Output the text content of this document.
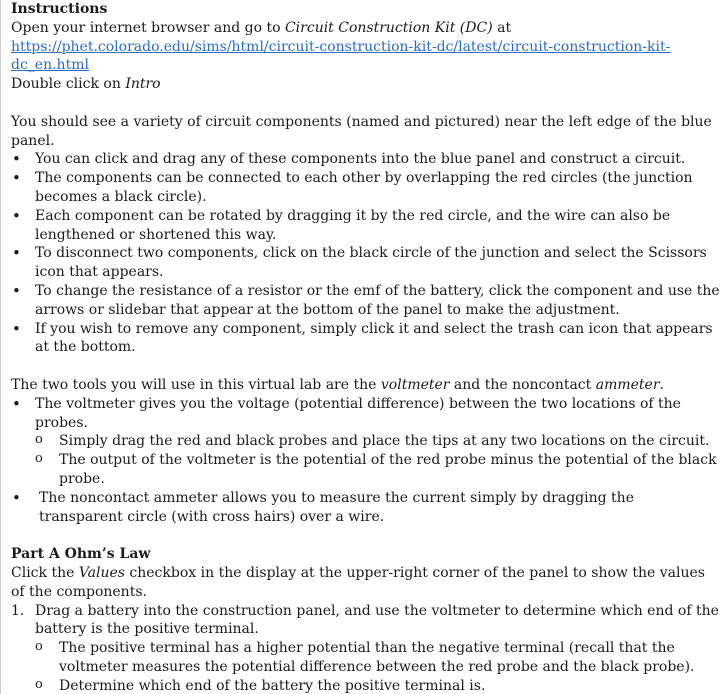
Instructions

Open your internet browser and go to Circuit Construction Kit (DC) at

https://phet.colorado.edu/sims/html/circuit-construction-kit-dc/latest/circuit-construction-kit-
dc_en.html

Double click on Intro

You should see a variety of circuit components (named and pictured) near the left edge of the blue panel.

• You can click and drag any of these components into the blue panel and construct a circuit.
• The components can be connected to each other by overlapping the red circles (the junction becomes a black circle).
• Each component can be rotated by dragging it by the red circle, and the wire can also be lengthened or shortened this way.
• To disconnect two components, click on the black circle of the junction and select the Scissors icon that appears.
• To change the resistance of a resistor or the emf of the battery, click the component and use the arrows or slidebar that appear at the bottom of the panel to make the adjustment.
• If you wish to remove any component, simply click it and select the trash can icon that appears at the bottom.

The two tools you will use in this virtual lab are the voltmeter and the noncontact ammeter.

• The voltmeter gives you the voltage (potential difference) between the two locations of the probes.
o Simply drag the red and black probes and place the tips at any two locations on the circuit.
o The output of the voltmeter is the potential of the red probe minus the potential of the black probe.
• The noncontact ammeter allows you to measure the current simply by dragging the transparent circle (with cross hairs) over a wire.
Part A Ohm’s Law

Click the Values checkbox in the display at the upper-right corner of the panel to show the values of the components.

1. Drag a battery into the construction panel, and use the voltmeter to determine which end of the battery is the positive terminal.
o The positive terminal has a higher potential than the negative terminal (recall that the voltmeter measures the potential difference between the red probe and the black probe).
o Determine which end of the battery the positive terminal is.
